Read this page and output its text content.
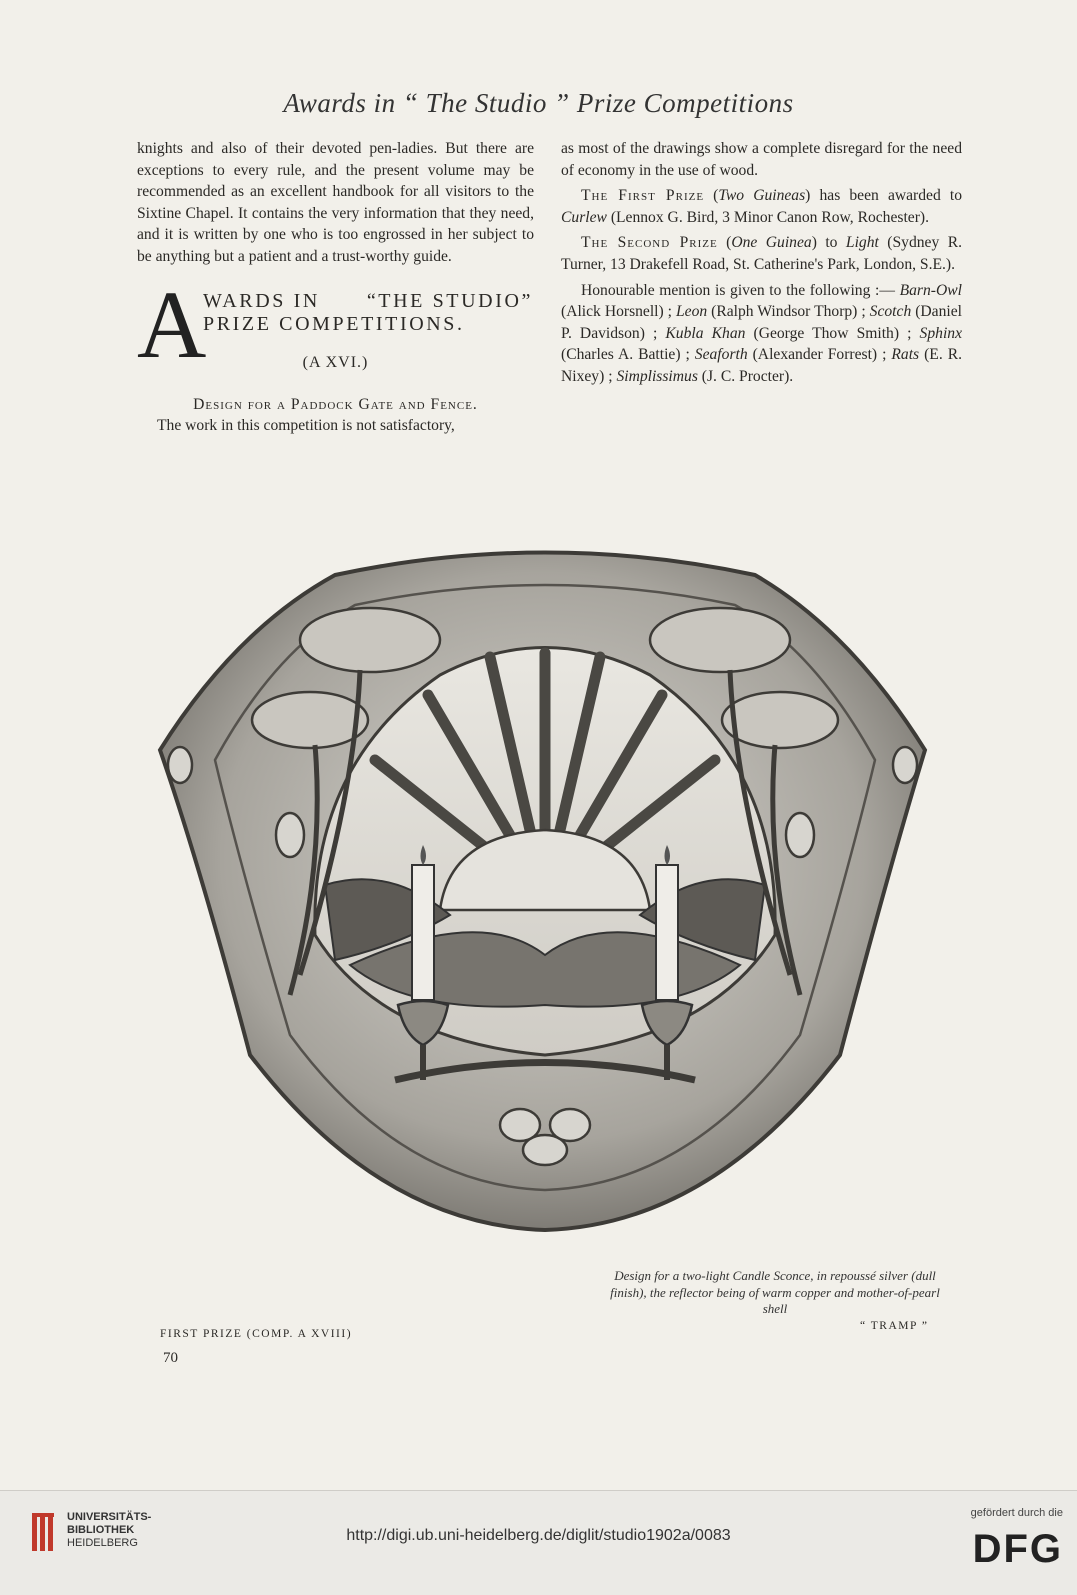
Awards in “ The Studio ” Prize Competitions

knights and also of their devoted pen-ladies. But there are exceptions to every rule, and the present volume may be recommended as an excellent handbook for all visitors to the Sixtine Chapel. It contains the very information that they need, and it is written by one who is too engrossed in her subject to be anything but a patient and a trust-worthy guide.

A
WARDS IN “THE STUDIO”
PRIZE COMPETITIONS.
(A XVI.)

Design for a Paddock Gate and Fence.

The work in this competition is not satisfactory,

as most of the drawings show a complete disregard for the need of economy in the use of wood.

The First Prize (Two Guineas) has been awarded to Curlew (Lennox G. Bird, 3 Minor Canon Row, Rochester).

The Second Prize (One Guinea) to Light (Sydney R. Turner, 13 Drakefell Road, St. Catherine's Park, London, S.E.).

Honourable mention is given to the following :— Barn-Owl (Alick Horsnell) ; Leon (Ralph Windsor Thorp) ; Scotch (Daniel P. Davidson) ; Kubla Khan (George Thow Smith) ; Sphinx (Charles A. Battie) ; Seaforth (Alexander Forrest) ; Rats (E. R. Nixey) ; Simplissimus (J. C. Procter).

Design for a two-light Candle Sconce, in repoussé silver (dull finish), the reflector being of warm copper and mother-of-pearl shell
“ TRAMP ”
FIRST PRIZE (COMP. A XVIII)
70
UNIVERSITÄTS-
BIBLIOTHEK
HEIDELBERG	http://digi.ub.uni-heidelberg.de/diglit/studio1902a/0083
gefördert durch die
DFG
